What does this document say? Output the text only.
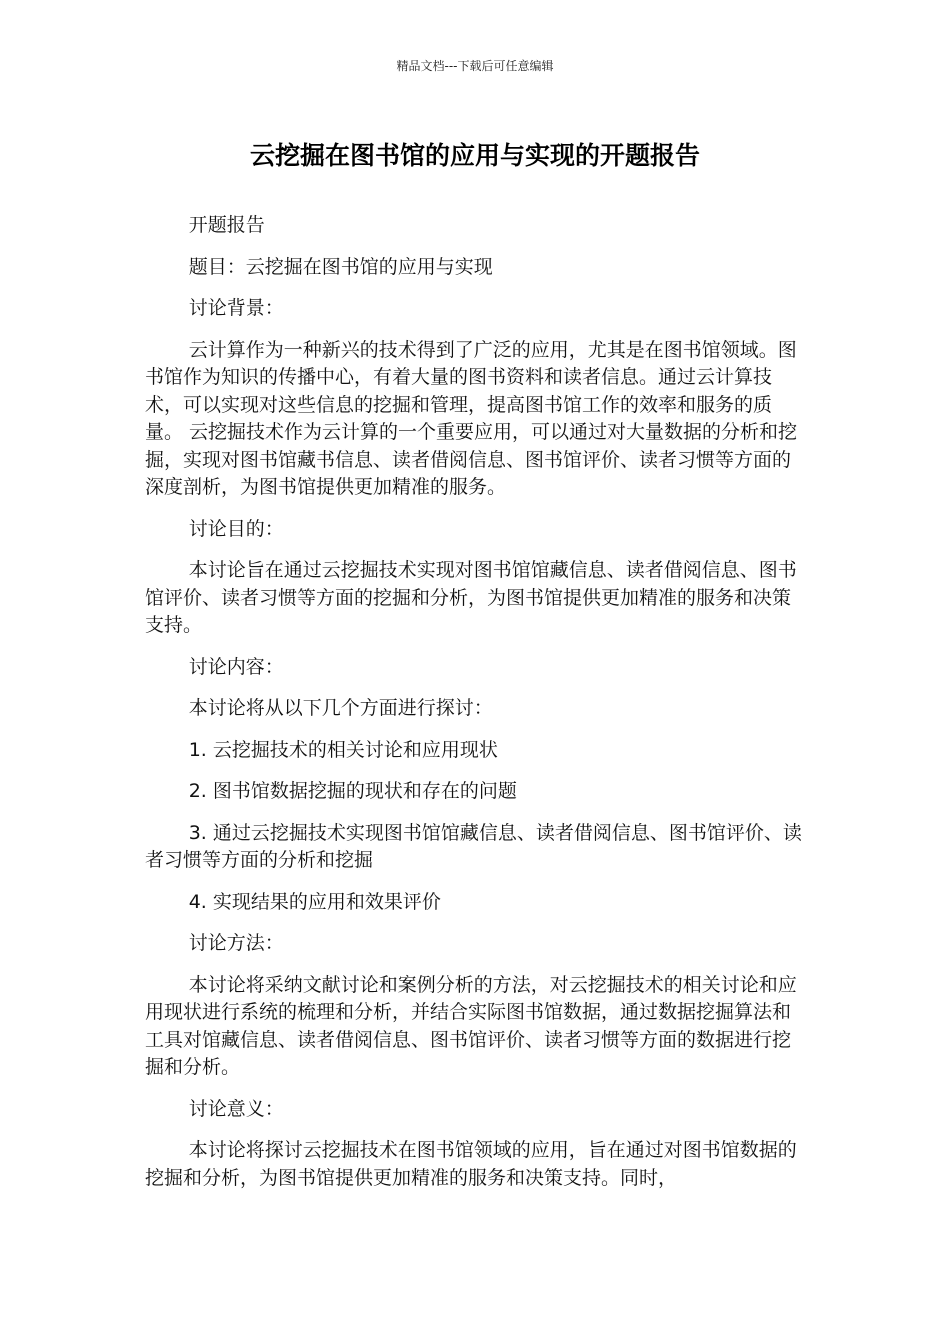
精品文档---下载后可任意编辑
云挖掘在图书馆的应用与实现的开题报告

开题报告

题目：云挖掘在图书馆的应用与实现

讨论背景：

云计算作为一种新兴的技术得到了广泛的应用，尤其是在图书馆领域。图书馆作为知识的传播中心，有着大量的图书资料和读者信息。通过云计算技术，可以实现对这些信息的挖掘和管理，提高图书馆工作的效率和服务的质量。 云挖掘技术作为云计算的一个重要应用，可以通过对大量数据的分析和挖掘，实现对图书馆藏书信息、读者借阅信息、图书馆评价、读者习惯等方面的深度剖析，为图书馆提供更加精准的服务。

讨论目的：

本讨论旨在通过云挖掘技术实现对图书馆馆藏信息、读者借阅信息、图书馆评价、读者习惯等方面的挖掘和分析，为图书馆提供更加精准的服务和决策支持。

讨论内容：

本讨论将从以下几个方面进行探讨：

1. 云挖掘技术的相关讨论和应用现状

2. 图书馆数据挖掘的现状和存在的问题

3. 通过云挖掘技术实现图书馆馆藏信息、读者借阅信息、图书馆评价、读者习惯等方面的分析和挖掘

4. 实现结果的应用和效果评价

讨论方法：

本讨论将采纳文献讨论和案例分析的方法，对云挖掘技术的相关讨论和应用现状进行系统的梳理和分析，并结合实际图书馆数据，通过数据挖掘算法和工具对馆藏信息、读者借阅信息、图书馆评价、读者习惯等方面的数据进行挖掘和分析。

讨论意义：

本讨论将探讨云挖掘技术在图书馆领域的应用，旨在通过对图书馆数据的挖掘和分析，为图书馆提供更加精准的服务和决策支持。同时，
